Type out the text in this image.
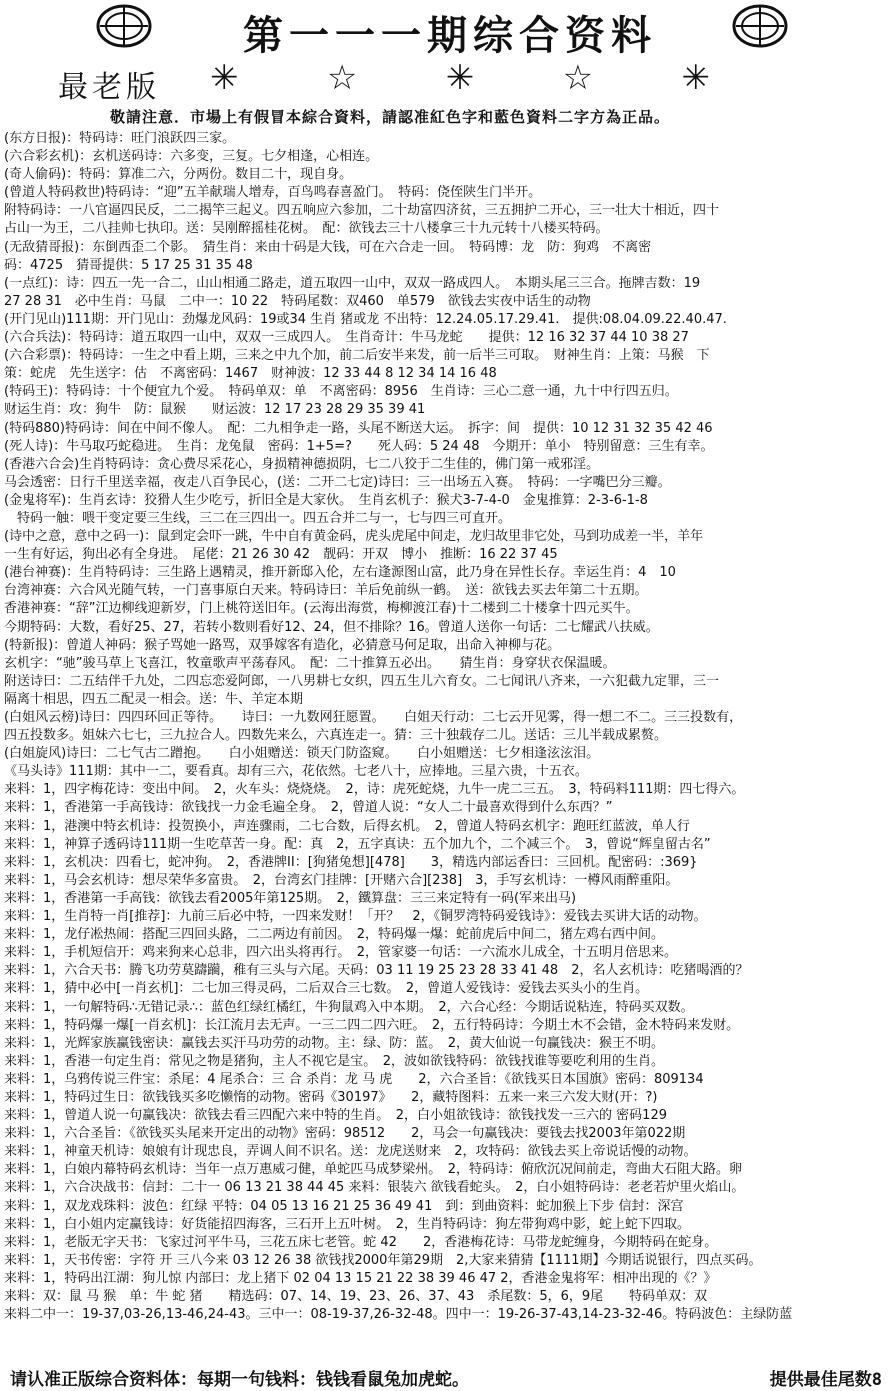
第一一一期综合资料
最老版 ✳	☆	✳	☆	✳
敬請注意．市場上有假冒本綜合資料，請認准紅色字和藍色資料二字方為正品。
(东方日报)：特码诗：旺门浪跃四三家。
(六合彩玄机)：玄机送码诗：六多变，三复。七夕相逢，心相连。
(奇人偷码)：特码：算准二六，分两份。数目二十，现自身。
(曾道人特码救世)特码诗：“迎”五羊献瑞人增寿，百鸟鸣春喜盈门。　特码：侥侄陕生门半开。
附特码诗：一八官逼四民反，二二揭竿三起义。四五响应六参加，二十劫富四济贫，三五拥护二开心，三一壮大十相近，四十
占山一为王，二八挂帅七执印。送：吴刚醉摇桂花树。　配：欲钱去三十八楼拿三十九元转十八楼买特码。
(无敌猜哥报)：东倒西歪二个影。　猜生肖：来由十码是大钱，可在六合走一回。　特码博：龙　防：狗鸡　不离密
码：4725　猜哥提供：5 17 25 31 35 48
(一点红)：诗：四五一先一合二，山山相通二路走，道五取四一山中，双双一路成四人。　本期头尾三三合。拖牌吉数：19
27 28 31　必中生肖：马鼠　二中一：10 22　特码尾数：双460　单579　欲钱去实夜中话生的动物
(开门见山)111期：开门见山：劲爆龙风码：19或34 生肖 猪或龙 不出特：12.24.05.17.29.41.　提供:08.04.09.22.40.47.
(六合兵法)：特码诗：道五取四一山中，双双一三成四人。　生肖奇计：牛马龙蛇　　提供：12 16 32 37 44 10 38 27
(六合彩票)：特码诗：一生之中看上期，三来之中九个加，前二后安半来发，前一后半三可取。　财神生肖：上策：马猴　下
策：蛇虎　先生送字：估　不离密码：1467　财神波：12 33 44 8 12 34 14 16 48
(特码王)：特码诗：十个便宜九个爱。　特码单双：单　不离密码：8956　生肖诗：三心二意一通，九十中行四五归。
财运生肖：攻：狗牛　防：鼠猴　　财运波：12 17 23 28 29 35 39 41
(特码880)特码诗：间在中间不像人。　配：二九相争走一路，头尾不断送大运。　拆字：间　提供：10 12 31 32 35 42 46
(死人诗)：牛马取巧蛇稳进。　生肖：龙兔鼠　密码：1+5=?　　死人码：5 24 48　今期开：单小　特别留意：三生有幸。
(香港六合会)生肖特码诗：贪心费尽采花心，身损精神德损阴，七二八狡于二生佳的，佛门第一戒邪淫。
马会透密：日行千里送幸福，夜走八百争民心，(送：二开二七定)诗曰：三一出场五入赛。　特码：一字嘴巴分三瓣。
(金鬼将军)：生肖玄诗：狡猾人生少吃亏，折旧全是大家伙。　生肖玄机子：猴犬3-7-4-0　金鬼推算：2-3-6-1-8
　特码一触：喂干变定要三生线，三二在三四出一。四五合并二与一，七与四三可直开。
(诗中之意，意中之码一)：鼠到定会吓一跳，牛中自有黄金码，虎头虎尾中间走，龙归故里非它处，马到功成差一半，羊年
一生有好运，狗出必有全身进。　尾佬：21 26 30 42　靓码：开双　博小　推断：16 22 37 45
(港台神赛)：生肖特码诗：三生路上遇精灵，推开新邸入伦，左右逢源图山富，此乃身在异性长存。幸运生肖：4　10
台湾神赛：六合风光随气转，一门喜事原白天来。特码诗曰：羊后免前纵一鹤。　送：欲钱去买去年第二十五期。
香港神赛：“辞”江边柳线迎新岁，门上桃符送旧年。(云海出海赏，梅柳渡江春)十二楼到二十楼拿十四元买牛。
今期特码：大数，看好25、27，若转小数则看好12、24，但不排除？16。曾道人送你一句话：二七耀武八扶威。
(特新报)：曾道人神码：猴子骂她一路骂，双爭嫁客有造化，必猜意马何足取，出命入神柳与花。
玄机字：“驰”骏马草上飞喜江，牧童歌声平荡春风。　配：二十推算五必出。　　猜生肖：身穿状衣保温暖。
附送诗曰：二五结伴千九处，二四忘恋爱阿郎，一八男耕七女织，四五生儿六育女。二七闻讯八齐来，一六犯截九定罪，三一
隔离十相思，四五二配灵一相会。送：牛、羊定本期
(白姐风云榜)诗曰：四四环回正等待。　　诗曰：一九数网狂愿置。　　白姐天行动：二七云开见雾，得一想二不二。三三投数有，
四五投数多。姐妹六七七，三九拉合人。四数先来么，六真连走一。猜：三十独载存二儿。送话：三儿半载成累赘。
(白姐旋风)诗曰：二七气古二蹭抱。　　白小姐赠送：锁天门防盗窥。　　白小姐赠送：七夕相逢泫泫泪。
《马头诗》111期：其中一二，要看真。却有三六，花依然。七老八十，应捧地。三星六贵，十五衣。
来料：1，四字梅花诗：变出中间。　2，火车头：烧烧烧。　2，诗：虎死蛇烧，九牛一虎二三五。　3，特码料111期：四七得六。
来料：1，香港第一手高钱诗：欲钱找一力金毛遍全身。　2，曾道人说：“女人二十最喜欢得到什么东西？”
来料：1，港澳中特玄机诗：投贺换小，声连骤雨，二七合数，后得玄机。　2，曾道人特码玄机字：跑旺红蓝波，单人行
来料：1，神算子透码诗111期一生吃草苦一身。配：真　2，五字真诀：五个加九个，二个减三个。　3，曾说“辉皇留古名”
来料：1，玄机决：四看七，蛇冲狗。　2，香港牌II：[狗猪兔想][478]　　3，精选内部运香曰：三回机。配密码：:369}
来料：1，马会玄机诗：想尽荣华多富贵。　2，台湾玄门挂牌：[开赌六合][238]　3，手写玄机诗：一樽风雨醉重阳。
来料：1，香港第一手高钱：欲钱去看2005年第125期。　2，鐵算盘：三三来定特有一码(军来出马)
来料：1，生肖特一肖[推荐]：九前三后必中特，一四来发财！「开？　2，《铜罗湾特码爱钱诗》：爱钱去买讲大话的动物。
来料：1，龙仔凇热闹：搭配三四回头路，二二两边有前因。　2，特码爆一爆：蛇前虎后中间二，猪左鸡右西中间。
来料：1，手机短信开：鸡来狗来心总非，四六出头将再行。　2，管家婆一句话：一六流水儿成全，十五明月倍思来。
来料：1，六合天书：腾飞功劳莫躊躏，稚有三头与六尾。天码：03 11 19 25 23 28 33 41 48　2，名人玄机诗：吃猪喝酒的？
来料：1，猜中必中[一肖玄机]：二七加三得灵码，二后双合三七数。　2，曾道人爱钱诗：爱钱去买头小的生肖。
来料：1，一句解特码∴无错记录∴：蓝色红绿红橘红，牛狗鼠鸡入中本期。　2，六合心经：今期话说粘连，特码买双数。
来料：1，特码爆一爆[一肖玄机]：长江流月去无声。一三二四二四六旺。　2，五行特码诗：今期土木不会错，金木特码来发财。
来料：1，光辉家族赢钱密诀：赢钱去买汗马功劳的动物。主：绿、防：蓝。　2，黄大仙说一句赢钱决：猴王不明。
来料：1，香港一句定生肖：常见之物是猪狗，主人不视它是宝。　2，波如欲钱特码：欲钱找谁等要吃利用的生肖。
来料：1，乌鸦传说三件宝：杀尾：4 尾杀合：三 合 杀肖：龙 马 虎　　2，六合圣旨：《欲钱买日本国旗》密码：809134
来料：1，特码过生日：欲钱钱买多吃懒惰的动物。密码《30197》　　2，藏特图料：五来一来三六发大财(开：?)
来料：1，曾道人说一句赢钱决：欲钱去看三四配六来中特的生肖。　2，白小姐欲钱诗：欲钱找发一三六的 密码129
来料：1，六合圣旨：《欲钱买头尾来开定出的动物》密码：98512　　2，马会一句赢钱决：要钱去找2003年第022期
来料：1，神童天机诗：娘娘有计现忠良，弄调人间不识名。送：龙虎送财来　2，攻特码：欲钱去买上帝说话慢的动物。
来料：1，白娘内幕特码玄机诗：当年一点万惠威刁健，单蛇匹马成梦梁州。　2，特码诗：俯欣沉况间前走，弯曲大石阻大路。卵
来料：1，六合决战书：信封：二十一 06 13 21 38 44 45 来料：银装六 欲钱看蛇头。　2，白小姐特码诗：老老若炉里火焰山。
来料：1，双龙戏珠料：波色：红绿 平特：04 05 13 16 21 25 36 49 41　到：到曲资料：蛇加猴上下步 信封：深宫
来料：1，白小姐内定赢钱诗：好货能招四海客，三石开上五叶树。　2，生肖特码诗：狗左带狗鸡中影，蛇上蛇下四取。
来料：1，老版无字天书：飞家过河平牛马，三花五床七老管。蛇 42　　2，香港梅花诗：马带龙蛇缠身，今期特码在蛇身。
来料：1，天书传密：字符 开 三八今来 03 12 26 38 欲钱找2000年第29期　2,大家来猜猜【1111期】今期话说银行，四点买码。
来料：1，特码出江湖：狗儿惊 内部曰：龙上猪下 02 04 13 15 21 22 38 39 46 47 2，香港金鬼将军：相冲出现的《？》
来料：双：鼠 马 猴　单：牛 蛇 猪　　精选码：07、14、19、23、26、37、43　杀尾数：5，6，9尾　　特码单双：双
来料二中一：19-37,03-26,13-46,24-43。三中一：08-19-37,26-32-48。四中一：19-26-37-43,14-23-32-46。特码波色：主绿防蓝
请认准正版综合资料体：每期一句钱料：钱钱看鼠兔加虎蛇。	提供最佳尾数8
